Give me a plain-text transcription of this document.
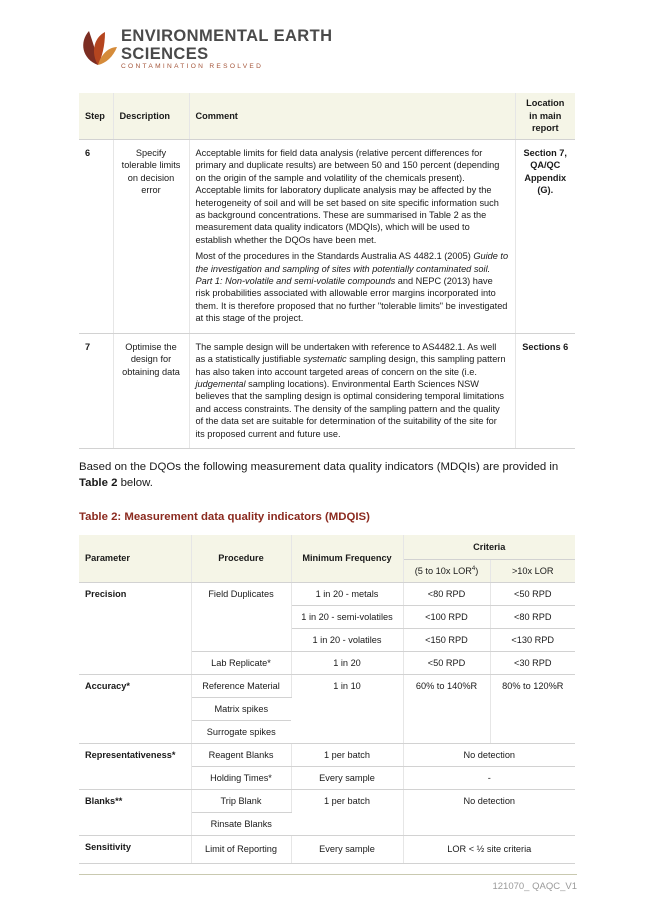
ENVIRONMENTAL EARTH
SCIENCES
CONTAMINATION RESOLVED
Step	Description	Comment	Location in main report
6	Specify tolerable limits on decision error	Acceptable limits for field data analysis (relative percent differences for primary and duplicate results) are between 50 and 150 percent (depending on the origin of the sample and volatility of the chemicals present). Acceptable limits for laboratory duplicate analysis may be affected by the heterogeneity of soil and will be set based on site specific information such as background concentrations. These are summarised in Table 2 as the measurement data quality indicators (MDQIs), which will be used to establish whether the DQOs have been met.

Most of the procedures in the Standards Australia AS 4482.1 (2005) Guide to the investigation and sampling of sites with potentially contaminated soil. Part 1: Non-volatile and semi-volatile compounds and NEPC (2013) have risk probabilities associated with allowable error margins incorporated into them. It is therefore proposed that no further "tolerable limits" be investigated at this stage of the project.	Section 7, QA/QC Appendix (G).
7	Optimise the design for obtaining data	The sample design will be undertaken with reference to AS4482.1. As well as a statistically justifiable systematic sampling design, this sampling pattern has also taken into account targeted areas of concern on the site (i.e. judgemental sampling locations). Environmental Earth Sciences NSW believes that the sampling design is optimal considering temporal limitations and access constraints. The density of the sampling pattern and the quality of the data set are suitable for determination of the suitability of the site for its proposed current and future use.	Sections 6
Based on the DQOs the following measurement data quality indicators (MDQIs) are provided in Table 2 below.
Table 2: Measurement data quality indicators (MDQIS)
Parameter	Procedure	Minimum Frequency	Criteria	
			(5 to 10x $LOR^4$)	>10x LOR
Precision	Field Duplicates	1 in 20 - metals	<80 RPD	<50 RPD
		1 in 20 - semi-volatiles	<100 RPD	<80 RPD
		1 in 20 - volatiles	<150 RPD	<130 RPD
	Lab Replicate*	1 in 20	<50 RPD	<30 RPD
Accuracy*	Reference Material	1 in 10	60% to 140%R	80% to 120%R
	Matrix spikes			
	Surrogate spikes			
Representativeness*	Reagent Blanks	1 per batch	No detection	
	Holding Times*	Every sample	-	
Blanks**	Trip Blank	1 per batch	No detection	
	Rinsate Blanks			
Sensitivity	Limit of Reporting	Every sample	LOR < ½ site criteria	
121070_ QAQC_V1
